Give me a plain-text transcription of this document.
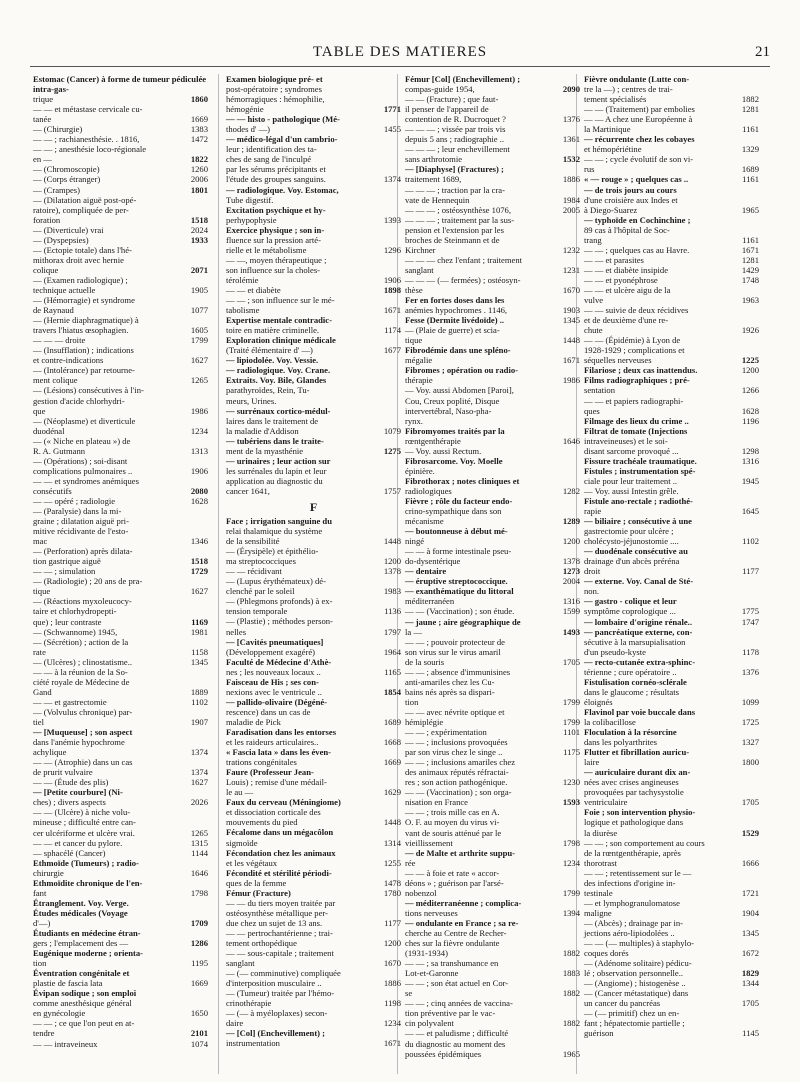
TABLE DES MATIERES	21
Estomac (Cancer) à forme de tumeur pédiculée intra-gas-
1860
trique
— — et métastase cervicale cu-
1669
tanée
1383
— (Chirurgie)
1472
— — ; rachianesthésie. . 1816,
— — ; anesthésie loco-régionale
1822
en —
1260
— (Chromoscopie)
2006
— (Corps étranger)
1801
— (Crampes)
— (Dilatation aiguë post-opé-
ratoire), compliquée de per-
1518
foration
2024
— (Diverticule) vrai
1933
— (Dyspepsies)
— (Ectopie totale) dans l'hé-
mithorax droit avec hernie
2071
colique
— (Examen radiologique) ;
1905
technique actuelle
— (Hémorragie) et syndrome
1077
de Raynaud
— (Hernie diaphragmatique) à
1605
travers l'hiatus œsophagien.
1799
— — — droite
— (Insufflation) ; indications
1627
et contre-indications
— (Intolérance) par retourne-
1265
ment colique
— (Lésions) consécutives à l'in-
gestion d'acide chlorhydri-
1986
que
— (Néoplasme) et diverticule
1234
duodénal
— (« Niche en plateau ») de
1313
R. A. Gutmann
— (Opérations) ; soi-disant
1906
complications pulmonaires ..
— — et syndromes anémiques
2080
consécutifs
1628
— — opéré ; radiologie
— (Paralysie) dans la mi-
graine ; dilatation aiguë pri-
mitive récidivante de l'esto-
1346
mac
— (Perforation) après dilata-
1518
tion gastrique aiguë
1729
— — ; simulation
— (Radiologie) ; 20 ans de pra-
1627
tique
— (Réactions myxoleucocy-
taire et chlorhydropepti-
1169
que) ; leur contraste
1981
— (Schwannome) 1945,
— (Sécrétion) ; action de la
1158
rate
1345
— (Ulcères) ; clinostatisme..
— — à la réunion de la So-
ciété royale de Médecine de
1889
Gand
1102
— — et gastrectomie
— (Volvulus chronique) par-
1907
tiel
— [Muqueuse] ; son aspect
dans l'anémie hypochrome
1374
achylique
— — (Atrophie) dans un cas
1374
de prurit vulvaire
1627
— — (Étude des plis)
— [Petite courbure] (Ni-
2026
ches) ; divers aspects
— — (Ulcère) à niche volu-
mineuse ; difficulté entre can-
1265
cer ulcériforme et ulcère vrai.
1315
— — et cancer du pylore.
1144
— sphacélé (Cancer)
Ethmoïde (Tumeurs) ; radio-
1646
chirurgie
Ethmoïdite chronique de l'en-
1798
fant
Étranglement. Voy. Verge.
Études médicales (Voyage
1709
d'—)
Étudiants en médecine étran-
1286
gers ; l'emplacement des —
Eugénique moderne ; orienta-
1195
tion
Éventration congénitale et
1669
plastie de fascia lata
Évipan sodique ; son emploi
comme anesthésique général
1650
en gynécologie
— — ; ce que l'on peut en at-
2101
tendre
1074
— — intraveineux
Examen biologique pré- et
post-opératoire ; syndromes
hémorragiques : hémophilie,
1771
hémogénie
— — histo - pathologique (Mé-
1455
thodes d' —)
— médico-légal d'un cambrio-
leur ; identification des ta-
ches de sang de l'inculpé
par les sérums précipitants et
1374
l'étude des groupes sanguins.
— radiologique. Voy. Estomac,
Tube digestif.
Excitation psychique et hy-
1393
perhypophysie
Exercice physique ; son in-
fluence sur la pression arté-
1296
rielle et le métabolisme
— —, moyen thérapeutique ;
son influence sur la choles-
1906
térolémie
1898
— — et diabète
— — ; son influence sur le mé-
1671
tabolisme
Expertise mentale contradic-
1174
toire en matière criminelle.
Exploration clinique médicale
1677
(Traité élémentaire d' —)
— lipiodolée. Voy. Vessie.
— radiologique. Voy. Crane.
Extraits. Voy. Bile, Glandes
parathyroïdes, Rein, Tu-
meurs, Urines.
— surrénaux cortico-médul-
laires dans le traitement de
1079
la maladie d'Addison
— tubériens dans le traite-
1275
ment de la myasthénie
— urinaires ; leur action sur
les surrénales du lapin et leur
application au diagnostic du
1757
cancer 1641,
F
Face ; irrigation sanguine du
relai thalamique du système
1448
de la sensibilité
— (Érysipèle) et épithélio-
1200
ma streptococciques
1378
— — récidivant
— (Lupus érythémateux) dé-
1983
clenché par le soleil
— (Phlegmons profonds) à ex-
1136
tension temporale
— (Plastie) ; méthodes person-
1797
nelles
— [Cavités pneumatiques]
1964
(Développement exagéré)
Faculté de Médecine d'Athè-
1165
nes ; les nouveaux locaux ..
Faisceau de His ; ses con-
1854
nexions avec le ventricule ..
— pallido-olivaire (Dégéné-
rescence) dans un cas de
1689
maladie de Pick
Faradisation dans les entorses
1668
et les raideurs articulaires..
« Fascia lata » dans les éven-
1669
trations congénitales
Faure (Professeur Jean-
Louis) ; remise d'une médail-
1629
le au —
Faux du cerveau (Méningiome)
et dissociation corticale des
1448
mouvements du pied
Fécalome dans un mégacôlon
1314
sigmoïde
Fécondation chez les animaux
1255
et les végétaux
Fécondité et stérilité périodi-
1478
ques de la femme
1780
Fémur (Fracture)
— — du tiers moyen traitée par
ostéosynthèse métallique per-
1177
due chez un sujet de 13 ans.
— — pertrochantérienne ; trai-
1200
tement orthopédique
— — sous-capitale ; traitement
1670
sanglant
— (— comminutive) compliquée
1886
d'interposition musculaire ..
— (Tumeur) traitée par l'hémo-
1198
crinothérapie
— (— à myéloplaxes) secon-
1234
daire
— [Col] (Enchevillement) ;
1671
instrumentation
Fémur [Col] (Enchevillement) ;
2090
compas-guide 1954,
— — (Fracture) ; que faut-
il penser de l'appareil de
1376
contention de R. Ducroquet ?
— — — ; vissée par trois vis
1361
depuis 5 ans ; radiographie ..
— — — ; leur enchevillement
1532
sans arthrotomie
— [Diaphyse] (Fractures) ;
1886
traitement 1689,
— — — ; traction par la cra-
1984
vate de Hennequin
2005
— — — ; ostéosynthèse 1076,
— — — ; traitement par la sus-
pension et l'extension par les
broches de Steinmann et de
1232
Kirchner
— — — chez l'enfant ; traitement
1231
sanglant
— — — (— fermées) ; ostéosyn-
1670
thèse
Fer en fortes doses dans les
1903
anémies hypochromes . 1146,
1345
Fesse (Dermite livédoïde) ..
— (Plaie de guerre) et scia-
1448
tique
Fibrodémie dans une spléno-
1671
mégalie
Fibromes ; opération ou radio-
1986
thérapie
— Voy. aussi Abdomen [Paroi],
Cou, Creux poplité, Disque
intervertébral, Naso-pha-
rynx.
Fibromyomes traités par la
1646
rœntgenthérapie
— Voy. aussi Rectum.
Fibrosarcome. Voy. Moelle
épinière.
Fibrothorax ; notes cliniques et
1282
radiologiques
Fièvre ; rôle du facteur endo-
crino-sympathique dans son
1289
mécanisme
— boutonneuse à début mé-
1200
ningé
— — à forme intestinale pseu-
1378
do-dysentérique
1273
— dentaire
2004
— éruptive streptococcique.
— exanthématique du littoral
1316
méditerranéen
1599
— — (Vaccination) ; son étude.
— jaune ; aire géographique de
1493
la —
— — ; pouvoir protecteur de
son virus sur le virus amaril
1705
de la souris
— — ; absence d'immunisines
anti-amariles chez les Cu-
bains nés après sa dispari-
1799
tion
— — avec névrite optique et
1799
hémiplégie
1101
— — ; expérimentation
— — ; inclusions provoquées
1175
par son virus chez le singe ..
— — ; inclusions amariles chez
des animaux réputés réfractai-
1230
res ; son action pathogénique.
— — (Vaccination) ; son orga-
1593
nisation en France
— — ; trois mille cas en A.
O. F. au moyen du virus vi-
vant de souris atténué par le
1798
vieillissement
— de Malte et arthrite suppu-
1234
rée
— — à foie et rate « accor-
déons » ; guérison par l'arsé-
1799
nobenzol
— méditerranéenne ; complica-
1394
tions nerveuses
— ondulante en France ; sa re-
cherche au Centre de Recher-
ches sur la fièvre ondulante
1882
(1931-1934)
— — ; sa transhumance en
1883
Lot-et-Garonne
— — ; son état actuel en Cor-
1882
se
— — ; cinq années de vaccina-
tion préventive par le vac-
1882
cin polyvalent
— — et paludisme ; difficulté
du diagnostic au moment des
1965
poussées épidémiques
Fièvre ondulante (Lutte con-
tre la —) ; centres de trai-
1882
tement spécialisés
1281
— — (Traitement) par embolies
— — A chez une Européenne à
1161
la Martinique
— récurrente chez les cobayes
1329
et hémopériétine
— — ; cycle évolutif de son vi-
1689
rus
1161
« — rouge » ; quelques cas ..
— de trois jours au cours
d'une croisière aux Indes et
1965
à Diego-Suarez
— typhoïde en Cochinchine ;
89 cas à l'hôpital de Soc-
1161
trang
1671
— — ; quelques cas au Havre.
1281
— — et parasites
1429
— — et diabète insipide
1748
— — et pyonéphrose
— — et ulcère aigu de la
1963
vulve
— — suivie de deux récidives
et de deuxième d'une re-
1926
chute
— — (Épidémie) à Lyon de
1928-1929 ; complications et
1225
séquelles nerveuses
1200
Filariose ; deux cas inattendus.
Films radiographiques ; pré-
1266
sentation
— — et papiers radiographi-
1628
ques
1196
Filmage des lieux du crime ..
Filtrat de tomate (Injections
intraveineuses) et le soi-
1298
disant sarcome provoqué ...
1316
Fissure trachéale traumatique.
Fistules ; instrumentation spé-
1945
ciale pour leur traitement ..
— Voy. aussi Intestin grêle.
Fistule ano-rectale ; radiothé-
1645
rapie
— biliaire ; consécutive à une
gastrectomie pour ulcère ;
1102
cholécysto-jéjunostomie ....
— duodénale consécutive au
drainage d'un abcès préréna
1177
droit
— externe. Voy. Canal de Sté-
non.
— gastro - colique et leur
1775
symptôme coprologique ...
1747
— lombaire d'origine rénale..
— pancréatique externe, con-
sécutive à la marsupialisation
1178
d'un pseudo-kyste
— recto-cutanée extra-sphinc-
1376
térienne ; cure opératoire ..
Fistulisation cornéo-sclérale
dans le glaucome ; résultats
1099
éloignés
Flavinol par voie buccale dans
1725
la colibacillose
Floculation à la résorcine
1327
dans les polyarthrites
Flutter et fibrillation auricu-
1800
laire
— auriculaire durant dix an-
nées avec crises angineuses
provoquées par tachysystolie
1705
ventriculaire
Foie ; son intervention physio-
logique et pathologique dans
1529
la diurèse
— — ; son comportement au cours
de la rœntgenthérapie, après
1666
thorotrast
— — ; retentissement sur le —
des infections d'origine in-
1721
testinale
— et lymphogranulomatose
1904
maligne
— (Abcès) ; drainage par in-
1345
jections aéro-lipiodolées ..
— — (— multiples) à staphylo-
1672
coques dorés
— (Adénome solitaire) pédicu-
1829
lé ; observation personnelle..
1344
— (Angiome) ; histogenèse ..
— (Cancer métastatique) dans
1705
un cancer du pancréas
— (— primitif) chez un en-
fant ; hépatectomie partielle ;
1145
guérison
